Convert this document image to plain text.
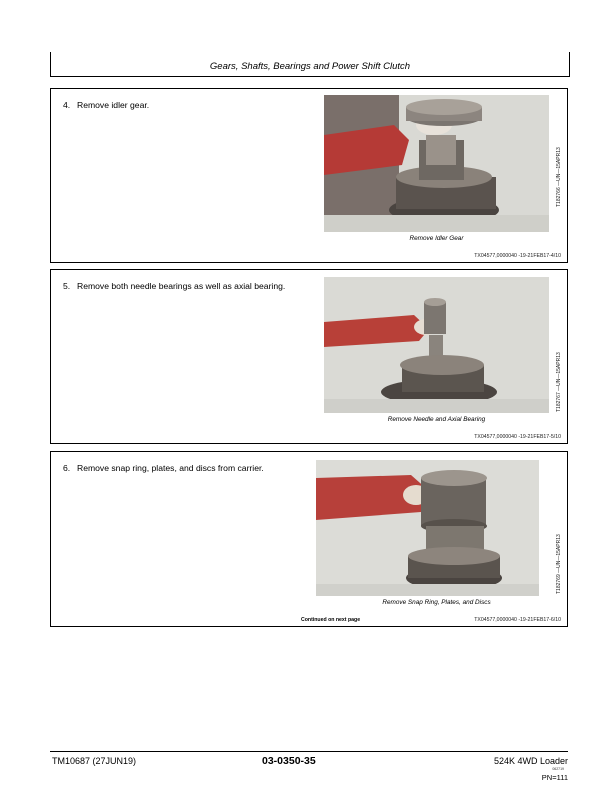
Gears, Shafts, Bearings and Power Shift Clutch
4. Remove idler gear.
Remove Idler Gear
T182766 —UN—15APR13
TX04577,0000040 -19-21FEB17-4/10
5. Remove both needle bearings as well as axial bearing.
Remove Needle and Axial Bearing
T182767 —UN—15APR13
TX04577,0000040 -19-21FEB17-5/10
6. Remove snap ring, plates, and discs from carrier.
Remove Snap Ring, Plates, and Discs
T182769 —UN—15APR13
Continued on next page	TX04577,0000040 -19-21FEB17-6/10
TM10687 (27JUN19)	03-0350-35	524K 4WD Loader
062719
PN=111
